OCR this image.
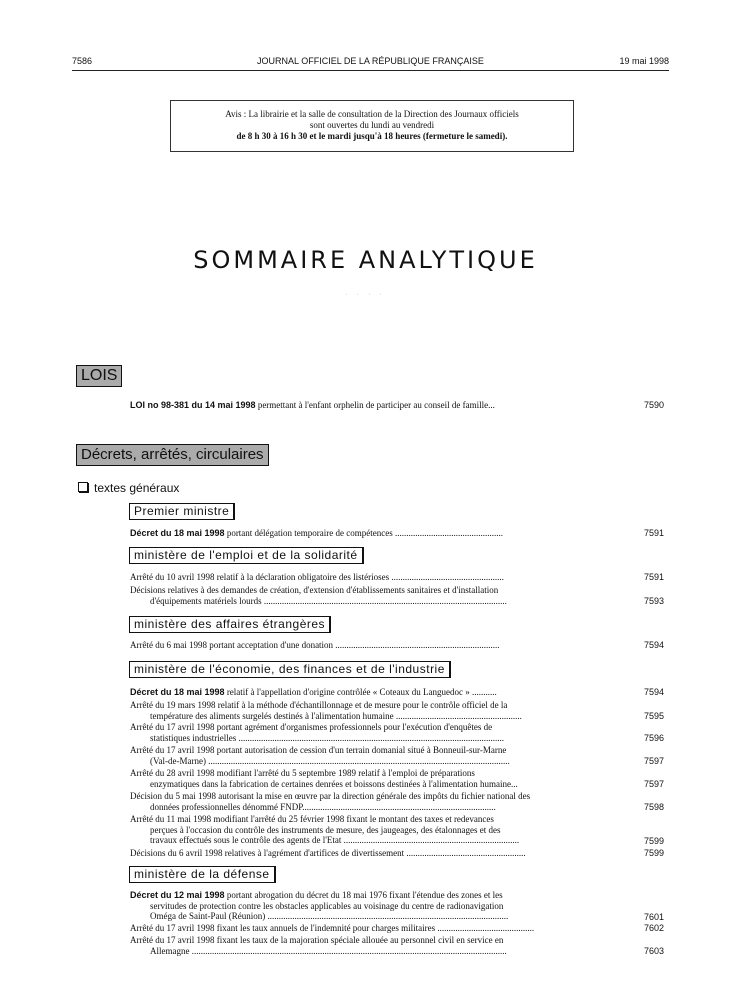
7586	JOURNAL OFFICIEL DE LA RÉPUBLIQUE FRANÇAISE	19 mai 1998
Avis : La librairie et la salle de consultation de la Direction des Journaux officiels
sont ouvertes du lundi au vendredi
de 8 h 30 à 16 h 30 et le mardi jusqu'à 18 heures (fermeture le samedi).
SOMMAIRE ANALYTIQUE
· · · ·
LOIS
LOI no 98-381 du 14 mai 1998 permettant à l'enfant orphelin de participer au conseil de famille...	7590
Décrets, arrêtés, circulaires
textes généraux
Premier ministre
Décret du 18 mai 1998 portant délégation temporaire de compétences ................................................	7591
ministère de l'emploi et de la solidarité
Arrêté du 10 avril 1998 relatif à la déclaration obligatoire des listérioses ..................................................	7591
Décisions relatives à des demandes de création, d'extension d'établissements sanitaires et d'installation
d'équipements matériels lourds ............................................................................................................	7593
ministère des affaires étrangères
Arrêté du 6 mai 1998 portant acceptation d'une donation .........................................................................	7594
ministère de l'économie, des finances et de l'industrie
Décret du 18 mai 1998 relatif à l'appellation d'origine contrôlée « Coteaux du Languedoc » ...........	7594
Arrêté du 19 mars 1998 relatif à la méthode d'échantillonnage et de mesure pour le contrôle officiel de la
température des aliments surgelés destinés à l'alimentation humaine ........................................................	7595
Arrêté du 17 avril 1998 portant agrément d'organismes professionnels pour l'exécution d'enquêtes de
statistiques industrielles ......................................................................................................................	7596
Arrêté du 17 avril 1998 portant autorisation de cession d'un terrain domanial situé à Bonneuil-sur-Marne
(Val-de-Marne) ......................................................................................................................................	7597
Arrêté du 28 avril 1998 modifiant l'arrêté du 5 septembre 1989 relatif à l'emploi de préparations
enzymatiques dans la fabrication de certaines denrées et boissons destinées à l'alimentation humaine...	7597
Décision du 5 mai 1998 autorisant la mise en œuvre par la direction générale des impôts du fichier national des
données professionnelles dénommé FNDP......................................................................................	7598
Arrêté du 11 mai 1998 modifiant l'arrêté du 25 février 1998 fixant le montant des taxes et redevances
perçues à l'occasion du contrôle des instruments de mesure, des jaugeages, des étalonnages et des
travaux effectués sous le contrôle des agents de l'Etat ..............................................................................	7599
Décisions du 6 avril 1998 relatives à l'agrément d'artifices de divertissement .....................................................	7599
ministère de la défense
Décret du 12 mai 1998 portant abrogation du décret du 18 mai 1976 fixant l'étendue des zones et les
servitudes de protection contre les obstacles applicables au voisinage du centre de radionavigation
Oméga de Saint-Paul (Réunion) ...........................................................................................................	7601
Arrêté du 17 avril 1998 fixant les taux annuels de l'indemnité pour charges militaires ...........................................	7602
Arrêté du 17 avril 1998 fixant les taux de la majoration spéciale allouée au personnel civil en service en
Allemagne ............................................................................................................................................	7603
